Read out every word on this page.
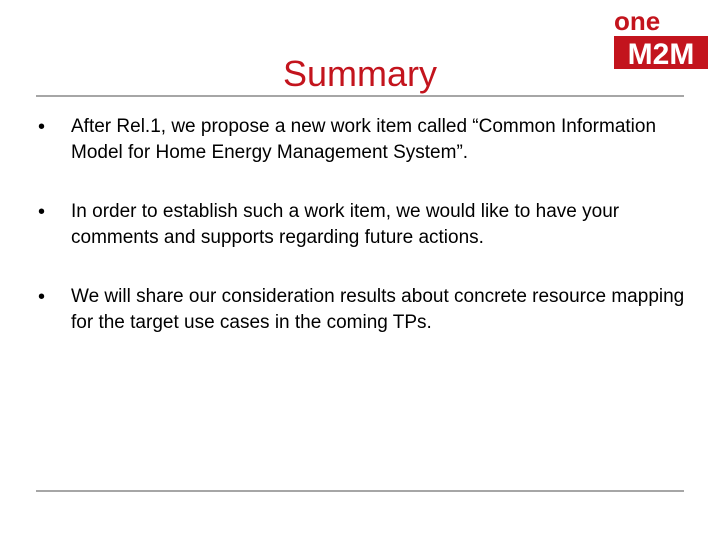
one
M2M
Summary
• After Rel.1, we propose a new work item called “Common Information Model for Home Energy Management System”.
• In order to establish such a work item, we would like to have your comments and supports regarding future actions.
• We will share our consideration results about concrete resource mapping for the target use cases in the coming TPs.
